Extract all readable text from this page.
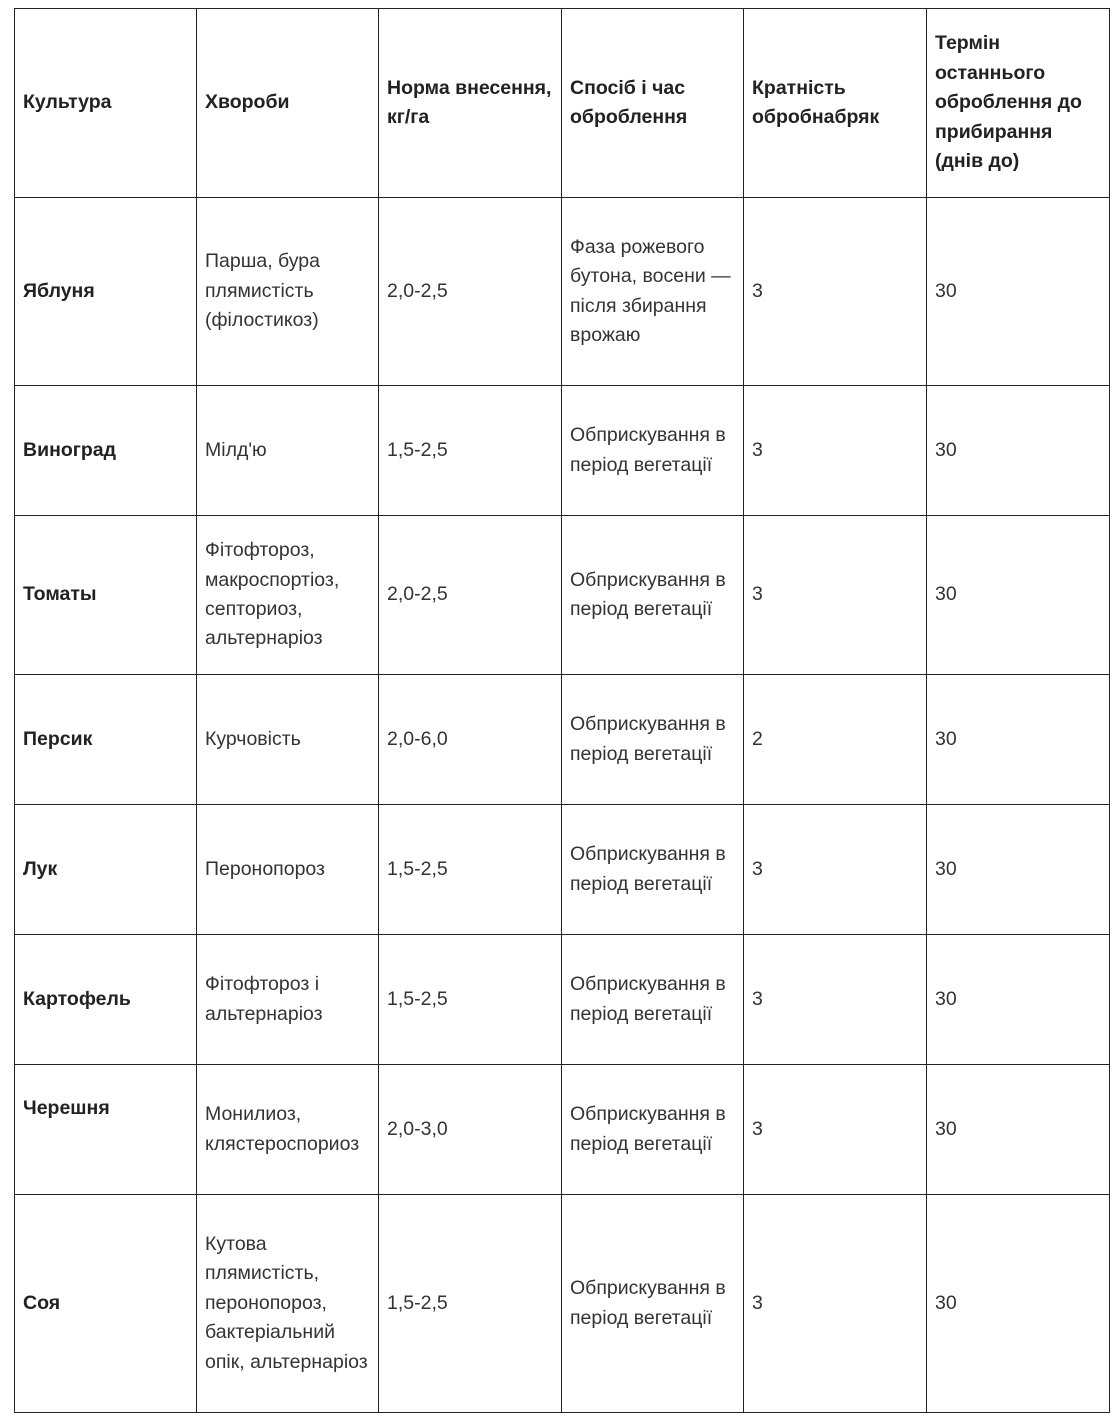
Культура	Хвороби	Норма внесення, кг/га	Спосіб і час оброблення	Кратність обробнабряк	Термін останнього оброблення до прибирання (днів до)
Яблуня	Парша, бура плямистість (філостикоз)	2,0-2,5	Фаза рожевого бутона, восени — після збирання врожаю	3	30
Виноград	Мілд'ю	1,5-2,5	Обприскування в період вегетації	3	30
Томаты	Фітофтороз, макроспортіоз, септориоз, альтернаріоз	2,0-2,5	Обприскування в період вегетації	3	30
Персик	Курчовість	2,0-6,0	Обприскування в період вегетації	2	30
Лук	Перонопороз	1,5-2,5	Обприскування в період вегетації	3	30
Картофель	Фітофтороз і альтернаріоз	1,5-2,5	Обприскування в період вегетації	3	30
Черешня	Монилиоз, клястероспориоз	2,0-3,0	Обприскування в період вегетації	3	30
Соя	Кутова плямистість, перонопороз, бактеріальний опік, альтернаріоз	1,5-2,5	Обприскування в період вегетації	3	30
